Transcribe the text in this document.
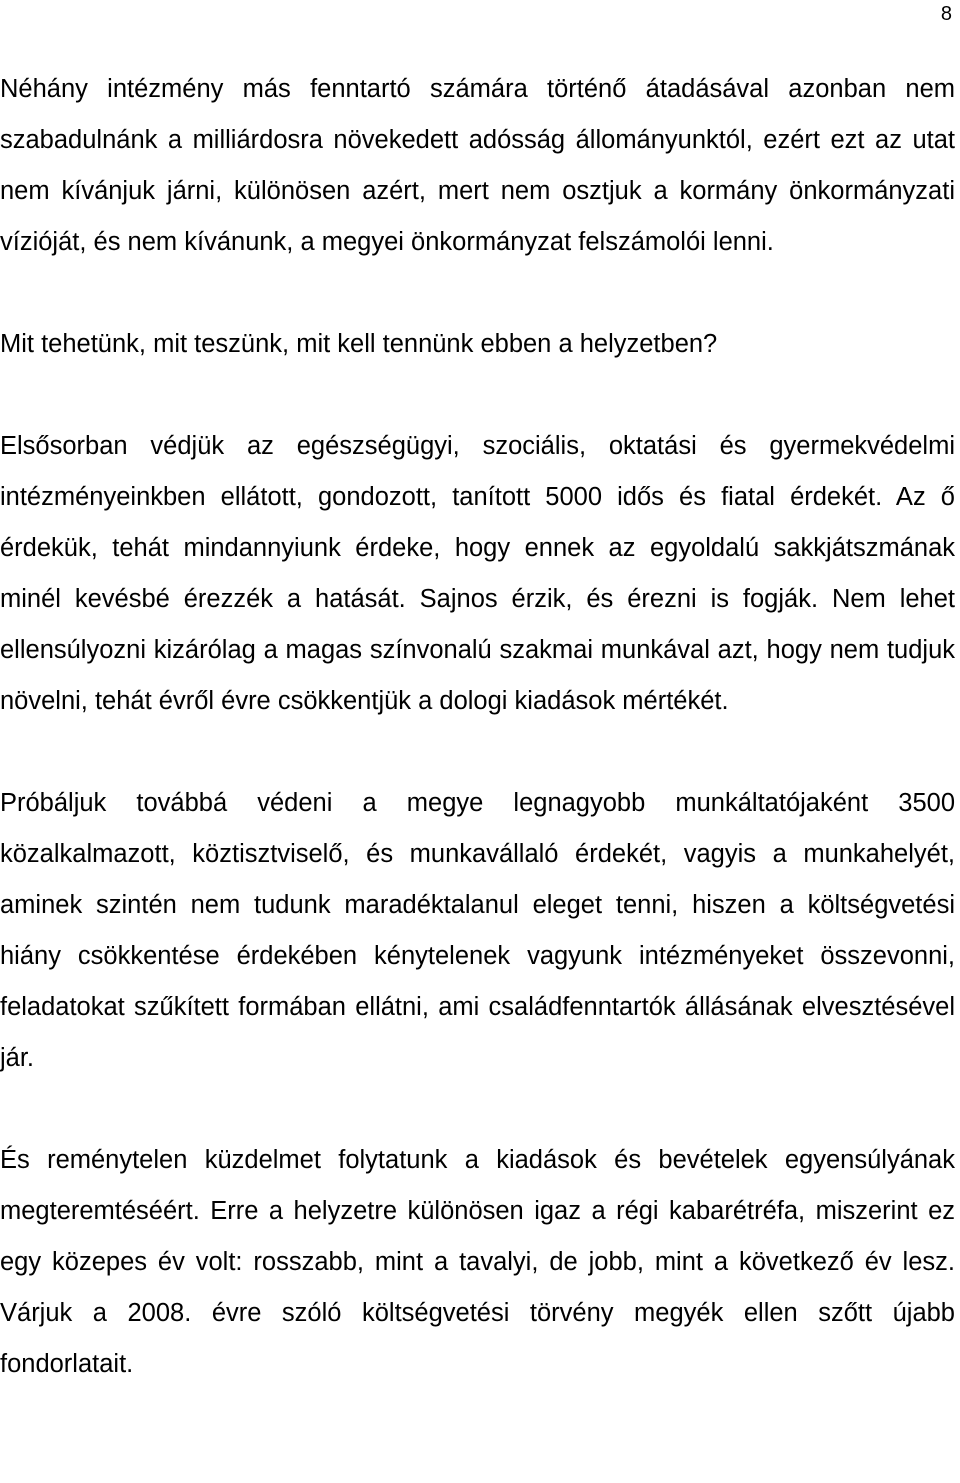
8

Néhány intézmény más fenntartó számára történő átadásával azonban nem szabadulnánk a milliárdosra növekedett adósság állományunktól, ezért ezt az utat nem kívánjuk járni, különösen azért, mert nem osztjuk a kormány önkormányzati vízióját, és nem kívánunk, a megyei önkormányzat felszámolói lenni.

Mit tehetünk, mit teszünk, mit kell tennünk ebben a helyzetben?

Elsősorban védjük az egészségügyi, szociális, oktatási és gyermekvédelmi intézményeinkben ellátott, gondozott, tanított 5000 idős és fiatal érdekét. Az ő érdekük, tehát mindannyiunk érdeke, hogy ennek az egyoldalú sakkjátszmának minél kevésbé érezzék a hatását. Sajnos érzik, és érezni is fogják. Nem lehet ellensúlyozni kizárólag a magas színvonalú szakmai munkával azt, hogy nem tudjuk növelni, tehát évről évre csökkentjük a dologi kiadások mértékét.

Próbáljuk továbbá védeni a megye legnagyobb munkáltatójaként 3500 közalkalmazott, köztisztviselő, és munkavállaló érdekét, vagyis a munkahelyét, aminek szintén nem tudunk maradéktalanul eleget tenni, hiszen a költségvetési hiány csökkentése érdekében kénytelenek vagyunk intézményeket összevonni, feladatokat szűkített formában ellátni, ami családfenntartók állásának elvesztésével jár.

És reménytelen küzdelmet folytatunk a kiadások és bevételek egyensúlyának megteremtéséért. Erre a helyzetre különösen igaz a régi kabarétréfa, miszerint ez egy közepes év volt: rosszabb, mint a tavalyi, de jobb, mint a következő év lesz. Várjuk a 2008. évre szóló költségvetési törvény megyék ellen szőtt újabb fondorlatait.
